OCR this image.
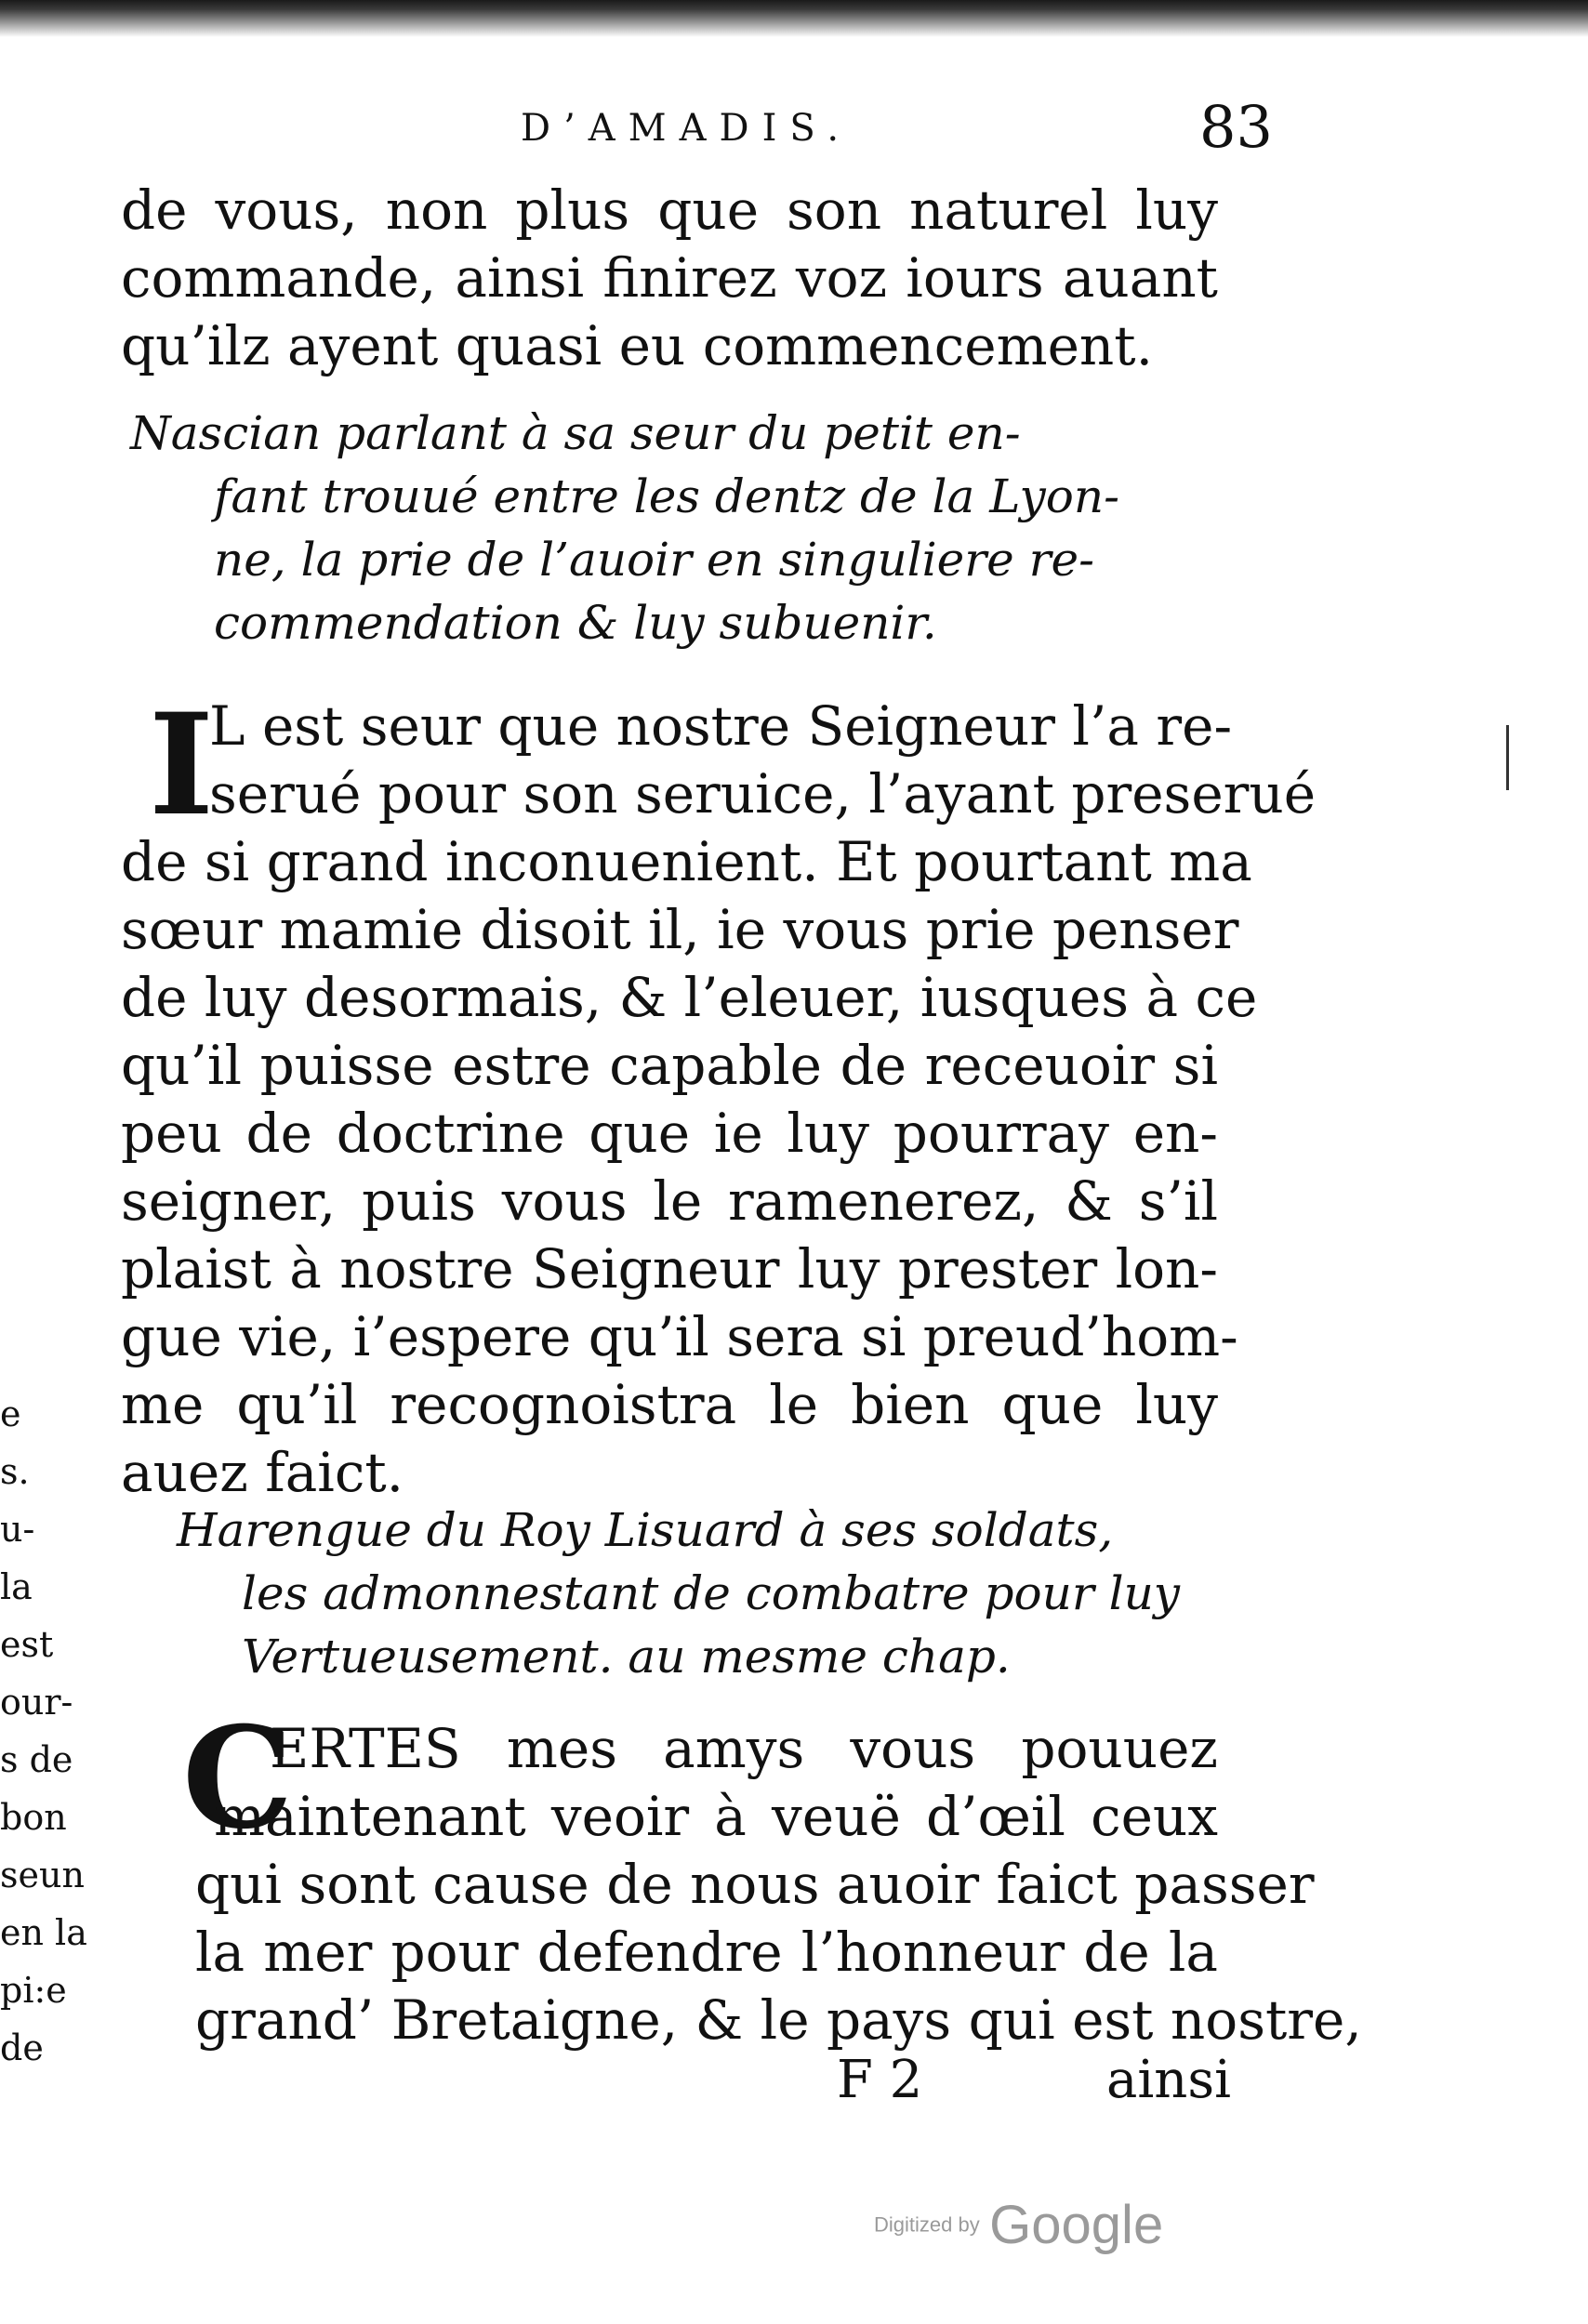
D’AMADIS.	83
de vous, non plus que son naturel luy
commande, ainsi finirez voz iours auant
qu’ilz ayent quasi eu commencement.
Nascian parlant à sa seur du petit en-
fant trouué entre les dentz de la Lyon-
ne, la prie de l’auoir en singuliere re-
commendation & luy subuenir.
I
L est seur que nostre Seigneur l’a re-
serué pour son seruice, l’ayant preserué
de si grand inconuenient. Et pourtant ma
sœur mamie disoit il, ie vous prie penser
de luy desormais, & l’eleuer, iusques à ce
qu’il puisse estre capable de receuoir si
peu de doctrine que ie luy pourray en-
seigner, puis vous le ramenerez, & s’il
plaist à nostre Seigneur luy prester lon-
gue vie, i’espere qu’il sera si preud’hom-
me qu’il recognoistra le bien que luy
auez faict.
Harengue du Roy Lisuard à ses soldats,
les admonnestant de combatre pour luy
Vertueusement. au mesme chap.
C
ERTES mes amys vous pouuez
maintenant veoir à veuë d’œil ceux
qui sont cause de nous auoir faict passer
la mer pour defendre l’honneur de la
grand’ Bretaigne, & le pays qui est nostre,
F 2	ainsi
e
s.
u-
la
est
our-
s de
bon
seun
en la
pi:e
de
Digitized by Google
